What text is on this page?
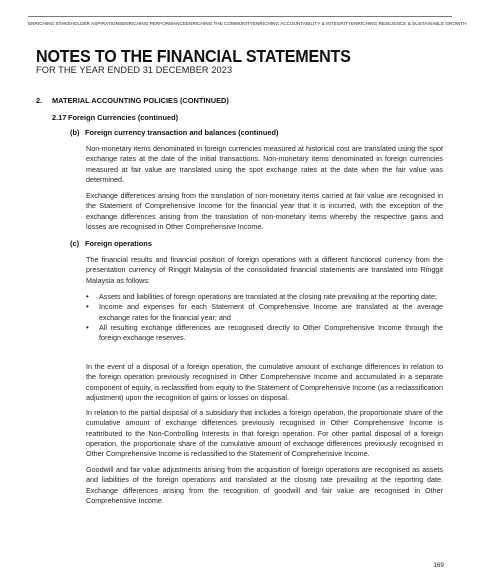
ENRICHING STAKEHOLDER ASPIRATIONS ENRICHING PERFORMANCE ENRICHING THE COMMUNITY ENRICHING ACCOUNTABILITY & INTEGRITY ENRICHING RESILIENCE & SUSTAINABLE GROWTH
NOTES TO THE FINANCIAL STATEMENTS
FOR THE YEAR ENDED 31 DECEMBER 2023
2. MATERIAL ACCOUNTING POLICIES (CONTINUED)
2.17 Foreign Currencies (continued)
(b) Foreign currency transaction and balances (continued)

Non-monetary items denominated in foreign currencies measured at historical cost are translated using the spot exchange rates at the date of the initial transactions. Non-monetary items denominated in foreign currencies measured at fair value are translated using the spot exchange rates at the date when the fair value was determined.

Exchange differences arising from the translation of non-monetary items carried at fair value are recognised in the Statement of Comprehensive Income for the financial year that it is incurred, with the exception of the exchange differences arising from the translation of non-monetary items whereby the respective gains and losses are recognised in Other Comprehensive Income.

(c) Foreign operations

The financial results and financial position of foreign operations with a different functional currency from the presentation currency of Ringgit Malaysia of the consolidated financial statements are translated into Ringgit Malaysia as follows:

• Assets and liabilities of foreign operations are translated at the closing rate prevailing at the reporting date;
• Income and expenses for each Statement of Comprehensive Income are translated at the average exchange rates for the financial year; and
• All resulting exchange differences are recognised directly to Other Comprehensive Income through the foreign exchange reserves.

In the event of a disposal of a foreign operation, the cumulative amount of exchange differences in relation to the foreign operation previously recognised in Other Comprehensive Income and accumulated in a separate component of equity, is reclassified from equity to the Statement of Comprehensive Income (as a reclassification adjustment) upon the recognition of gains or losses on disposal.

In relation to the partial disposal of a subsidiary that includes a foreign operation, the proportionate share of the cumulative amount of exchange differences previously recognised in Other Comprehensive Income is reattributed to the Non-Controlling Interests in that foreign operation. For other partial disposal of a foreign operation, the proportionate share of the cumulative amount of exchange differences previously recognised in Other Comprehensive Income is reclassified to the Statement of Comprehensive Income.

Goodwill and fair value adjustments arising from the acquisition of foreign operations are recognised as assets and liabilities of the foreign operations and translated at the closing rate prevailing at the reporting date. Exchange differences arising from the recognition of goodwill and fair value are recognised in Other Comprehensive Income.

169
